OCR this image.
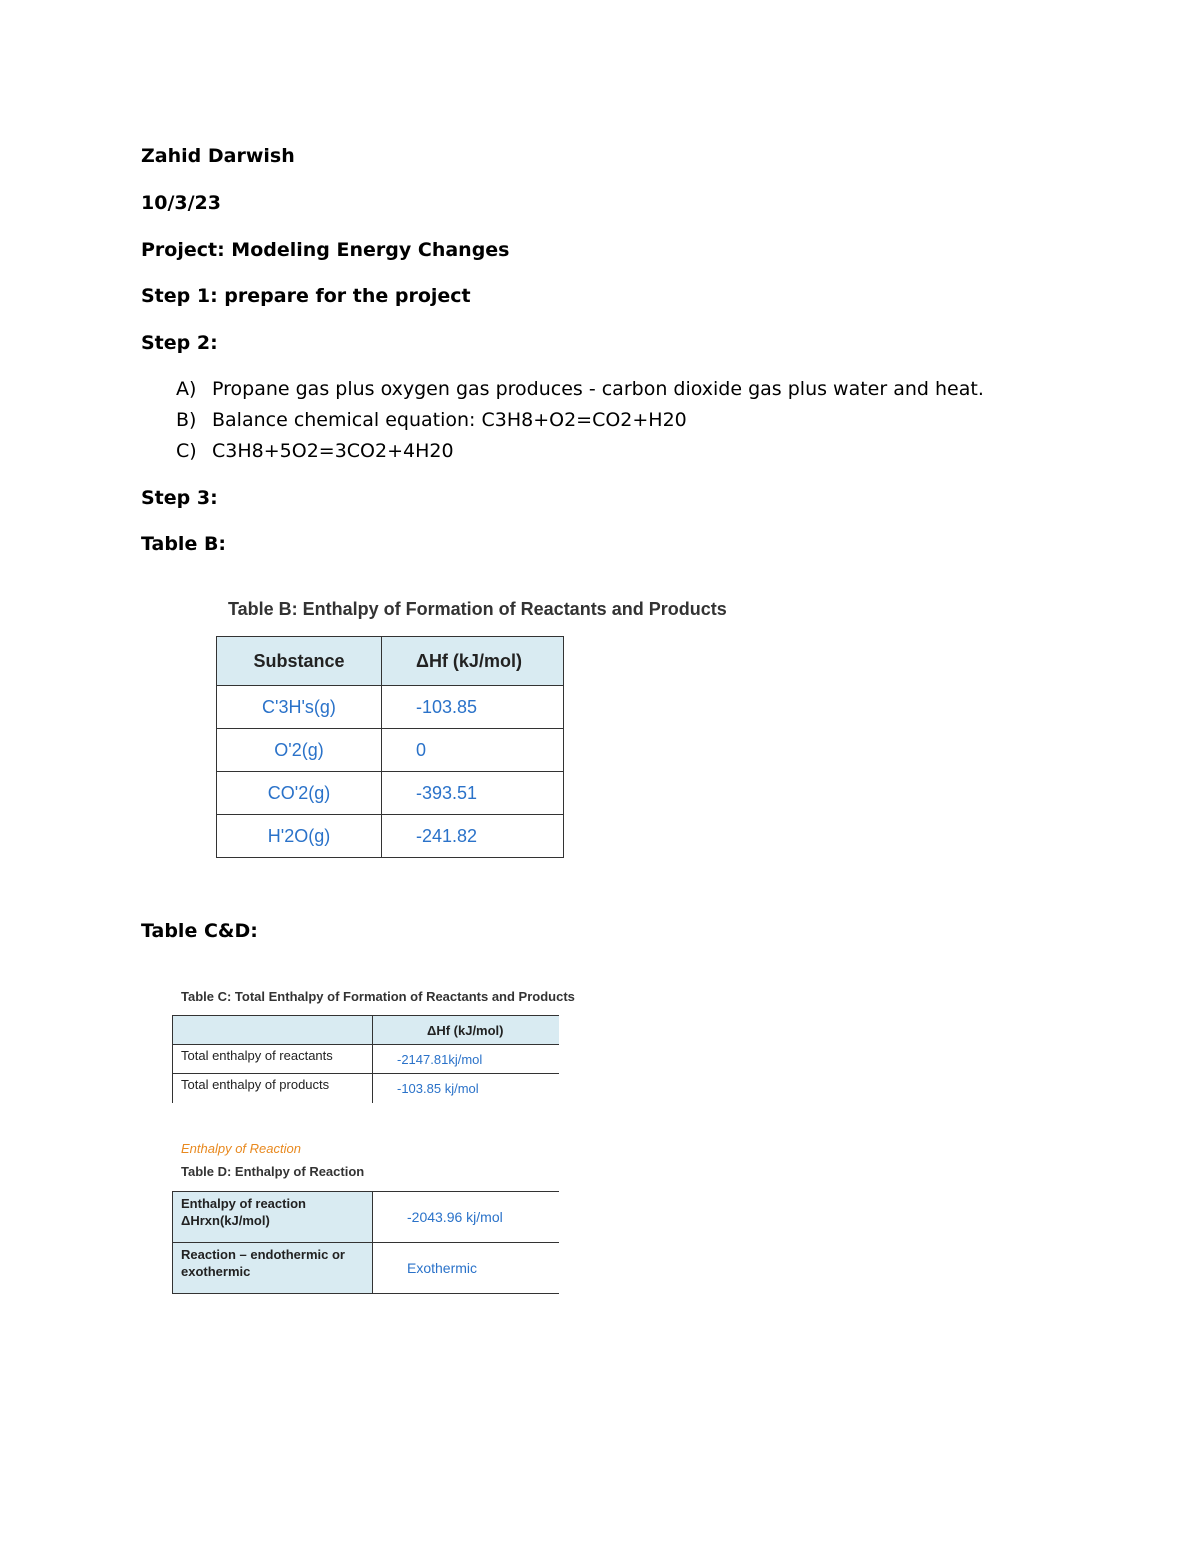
Zahid Darwish
10/3/23
Project: Modeling Energy Changes
Step 1: prepare for the project
Step 2:
A) Propane gas plus oxygen gas produces - carbon dioxide gas plus water and heat.
B) Balance chemical equation: C3H8+O2=CO2+H20
C) C3H8+5O2=3CO2+4H20
Step 3:
Table B:
Table B: Enthalpy of Formation of Reactants and Products
Substance	ΔHf (kJ/mol)
C'3H's(g)	-103.85
O'2(g)	0
CO'2(g)	-393.51
H'2O(g)	-241.82
Table C&D:
Table C: Total Enthalpy of Formation of Reactants and Products
	ΔHf (kJ/mol)
Total enthalpy of reactants	-2147.81kj/mol
Total enthalpy of products	-103.85 kj/mol
Enthalpy of Reaction
Table D: Enthalpy of Reaction
Enthalpy of reaction
ΔHrxn(kJ/mol)	-2043.96 kj/mol

Reaction – endothermic or
exothermic	Exothermic
